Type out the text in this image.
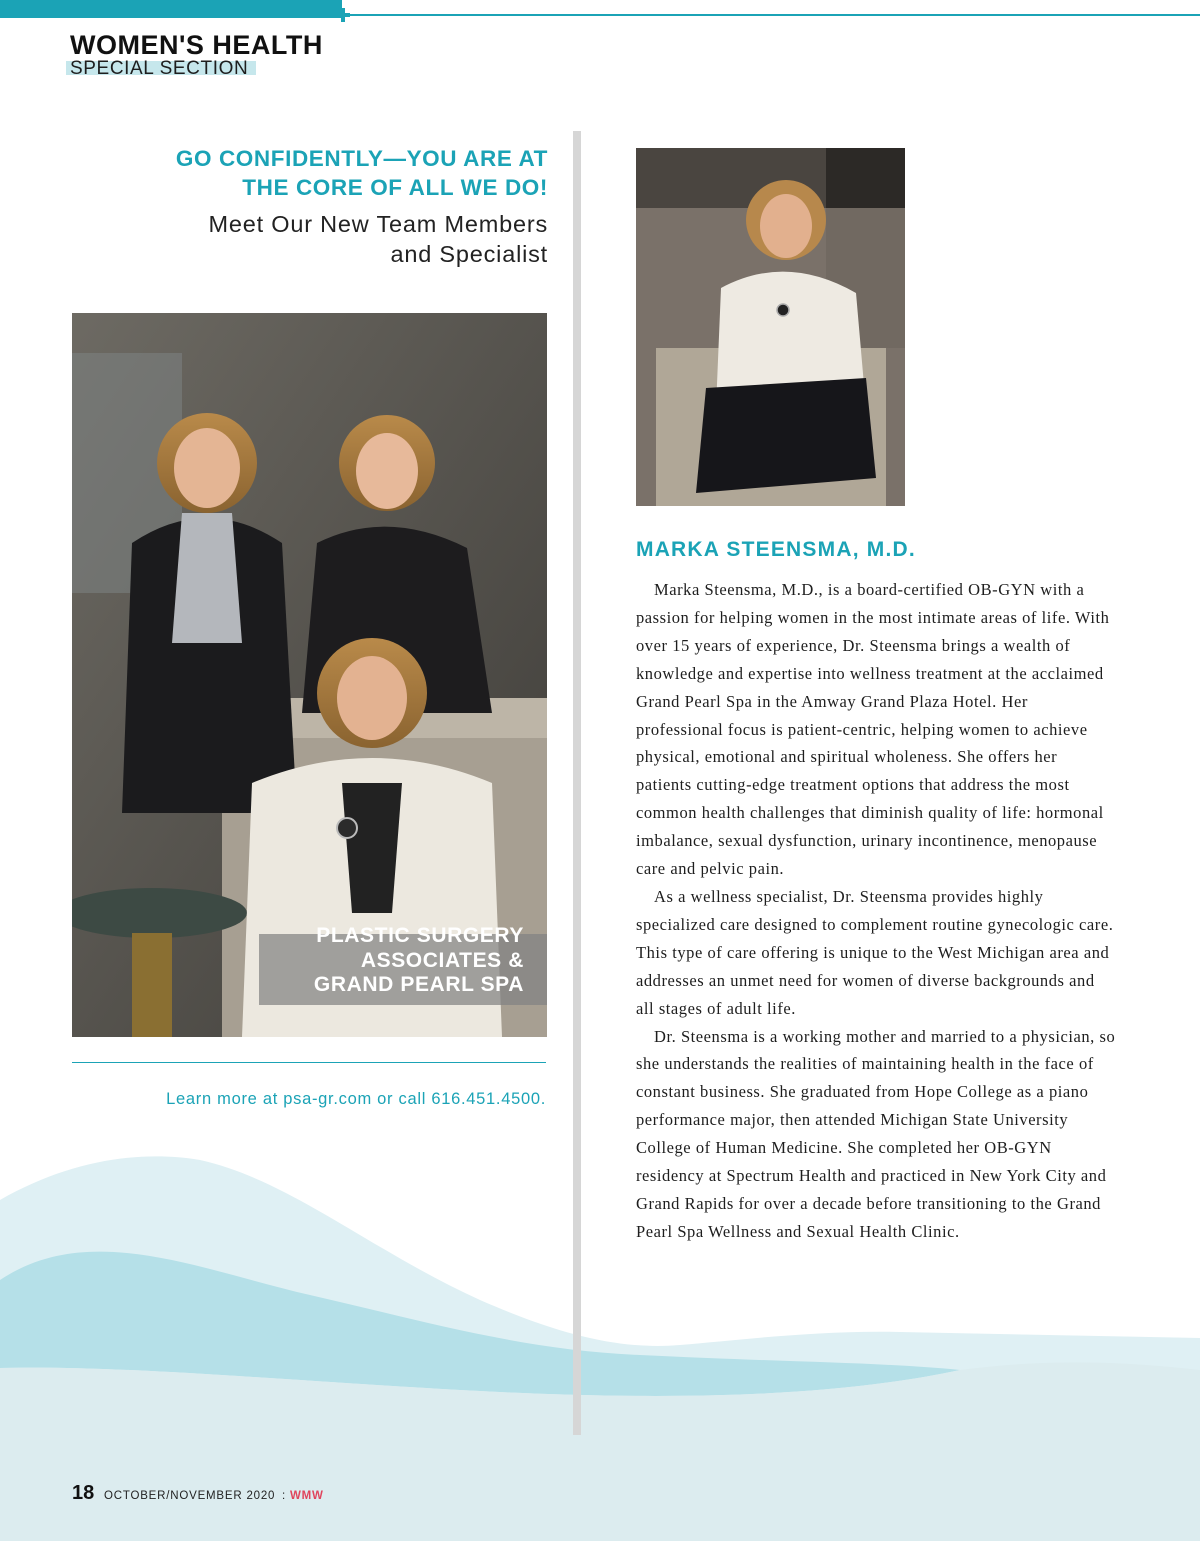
WOMEN'S HEALTH
SPECIAL SECTION
GO CONFIDENTLY—YOU ARE AT
THE CORE OF ALL WE DO!
Meet Our New Team Members
and Specialist
PLASTIC SURGERY
ASSOCIATES &
GRAND PEARL SPA
Learn more at psa-gr.com or call 616.451.4500.
MARKA STEENSMA, M.D.

Marka Steensma, M.D., is a board-certified OB-GYN with a passion for helping women in the most intimate areas of life. With over 15 years of experience, Dr. Steensma brings a wealth of knowledge and expertise into wellness treatment at the acclaimed Grand Pearl Spa in the Amway Grand Plaza Hotel. Her professional focus is patient-centric, helping women to achieve physical, emotional and spiritual wholeness. She offers her patients cutting-edge treatment options that address the most common health challenges that diminish quality of life: hormonal imbalance, sexual dysfunction, urinary incontinence, menopause care and pelvic pain.

As a wellness specialist, Dr. Steensma provides highly specialized care designed to complement routine gynecologic care. This type of care offering is unique to the West Michigan area and addresses an unmet need for women of diverse backgrounds and all stages of adult life.

Dr. Steensma is a working mother and married to a physician, so she understands the realities of maintaining health in the face of constant business. She graduated from Hope College as a piano performance major, then attended Michigan State University College of Human Medicine. She completed her OB-GYN residency at Spectrum Health and practiced in New York City and Grand Rapids for over a decade before transitioning to the Grand Pearl Spa Wellness and Sexual Health Clinic.

18 OCTOBER/NOVEMBER 2020 : WMW
